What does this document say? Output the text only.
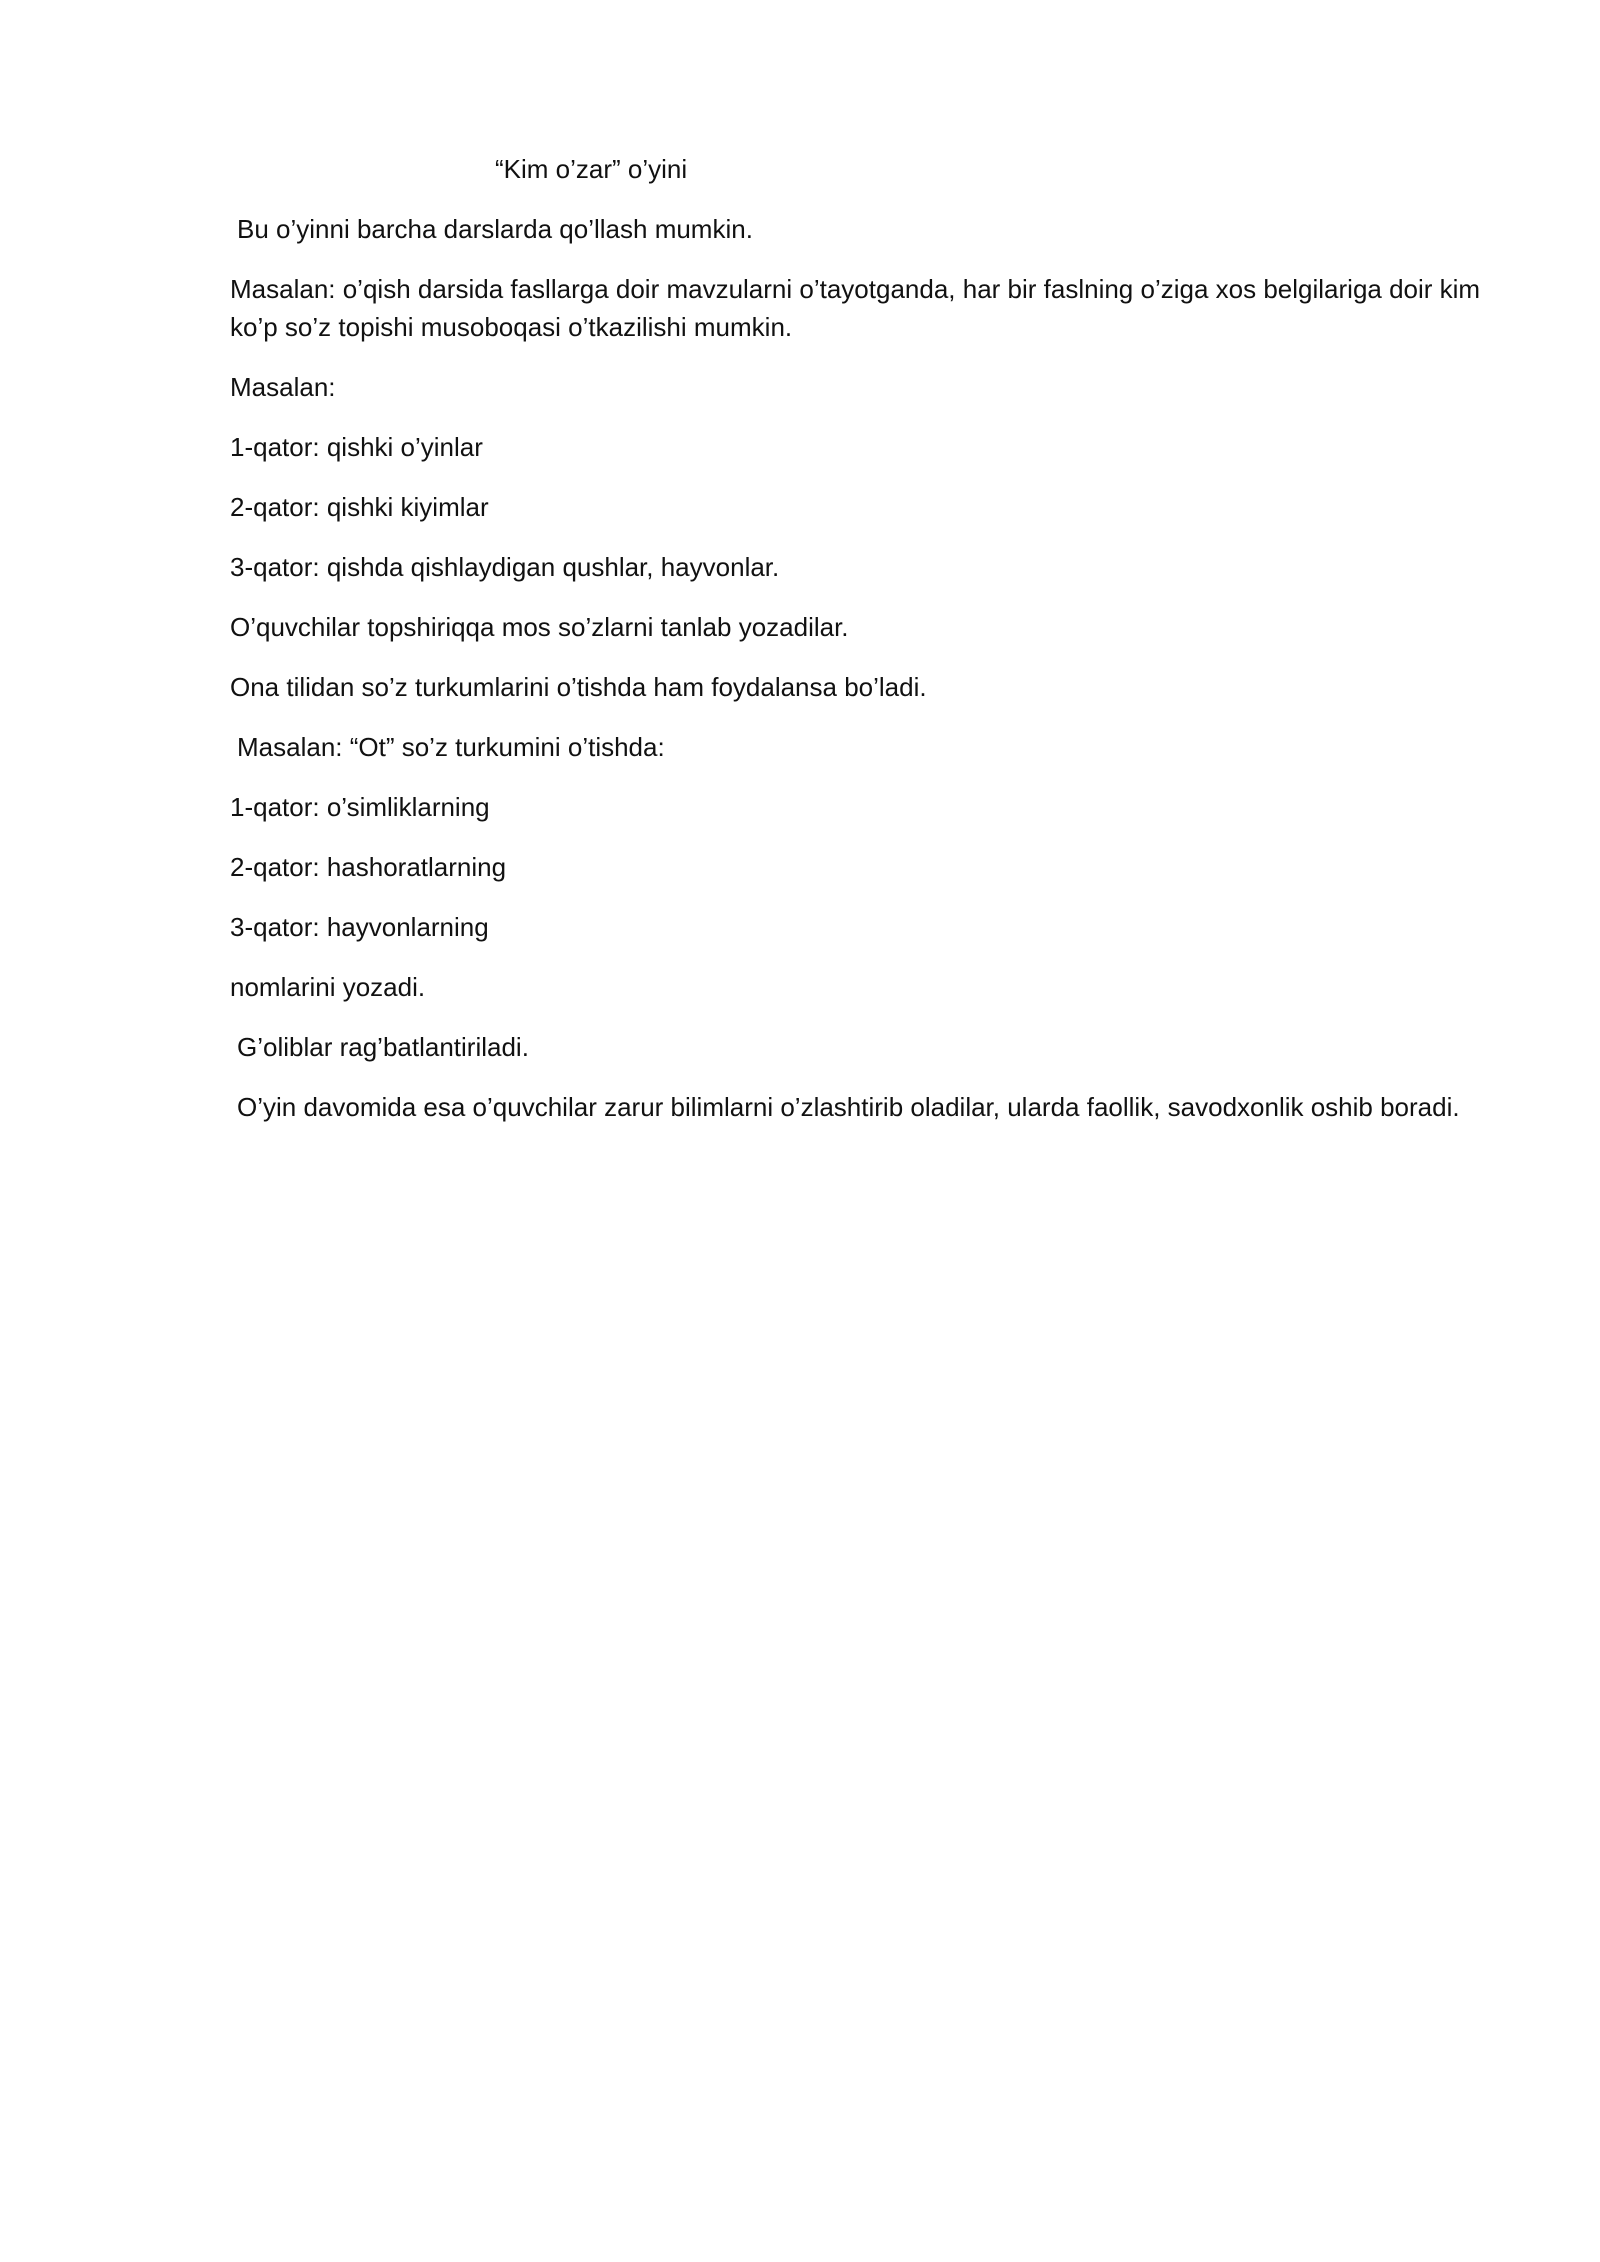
“Kim o’zar” o’yini

Bu o’yinni barcha darslarda qo’llash mumkin.

Masalan: o’qish darsida fasllarga doir mavzularni o’tayotganda, har bir faslning o’ziga xos belgilariga doir kim ko’p so’z topishi musoboqasi o’tkazilishi mumkin.

Masalan:

1-qator: qishki o’yinlar

2-qator: qishki kiyimlar

3-qator: qishda qishlaydigan qushlar, hayvonlar.

O’quvchilar topshiriqqa mos so’zlarni tanlab yozadilar.

Ona tilidan so’z turkumlarini o’tishda ham foydalansa bo’ladi.

Masalan: “Ot” so’z turkumini o’tishda:

1-qator: o’simliklarning

2-qator: hashoratlarning

3-qator: hayvonlarning

nomlarini yozadi.

G’oliblar rag’batlantiriladi.

O’yin davomida esa o’quvchilar zarur bilimlarni o’zlashtirib oladilar, ularda faollik, savodxonlik oshib boradi.
